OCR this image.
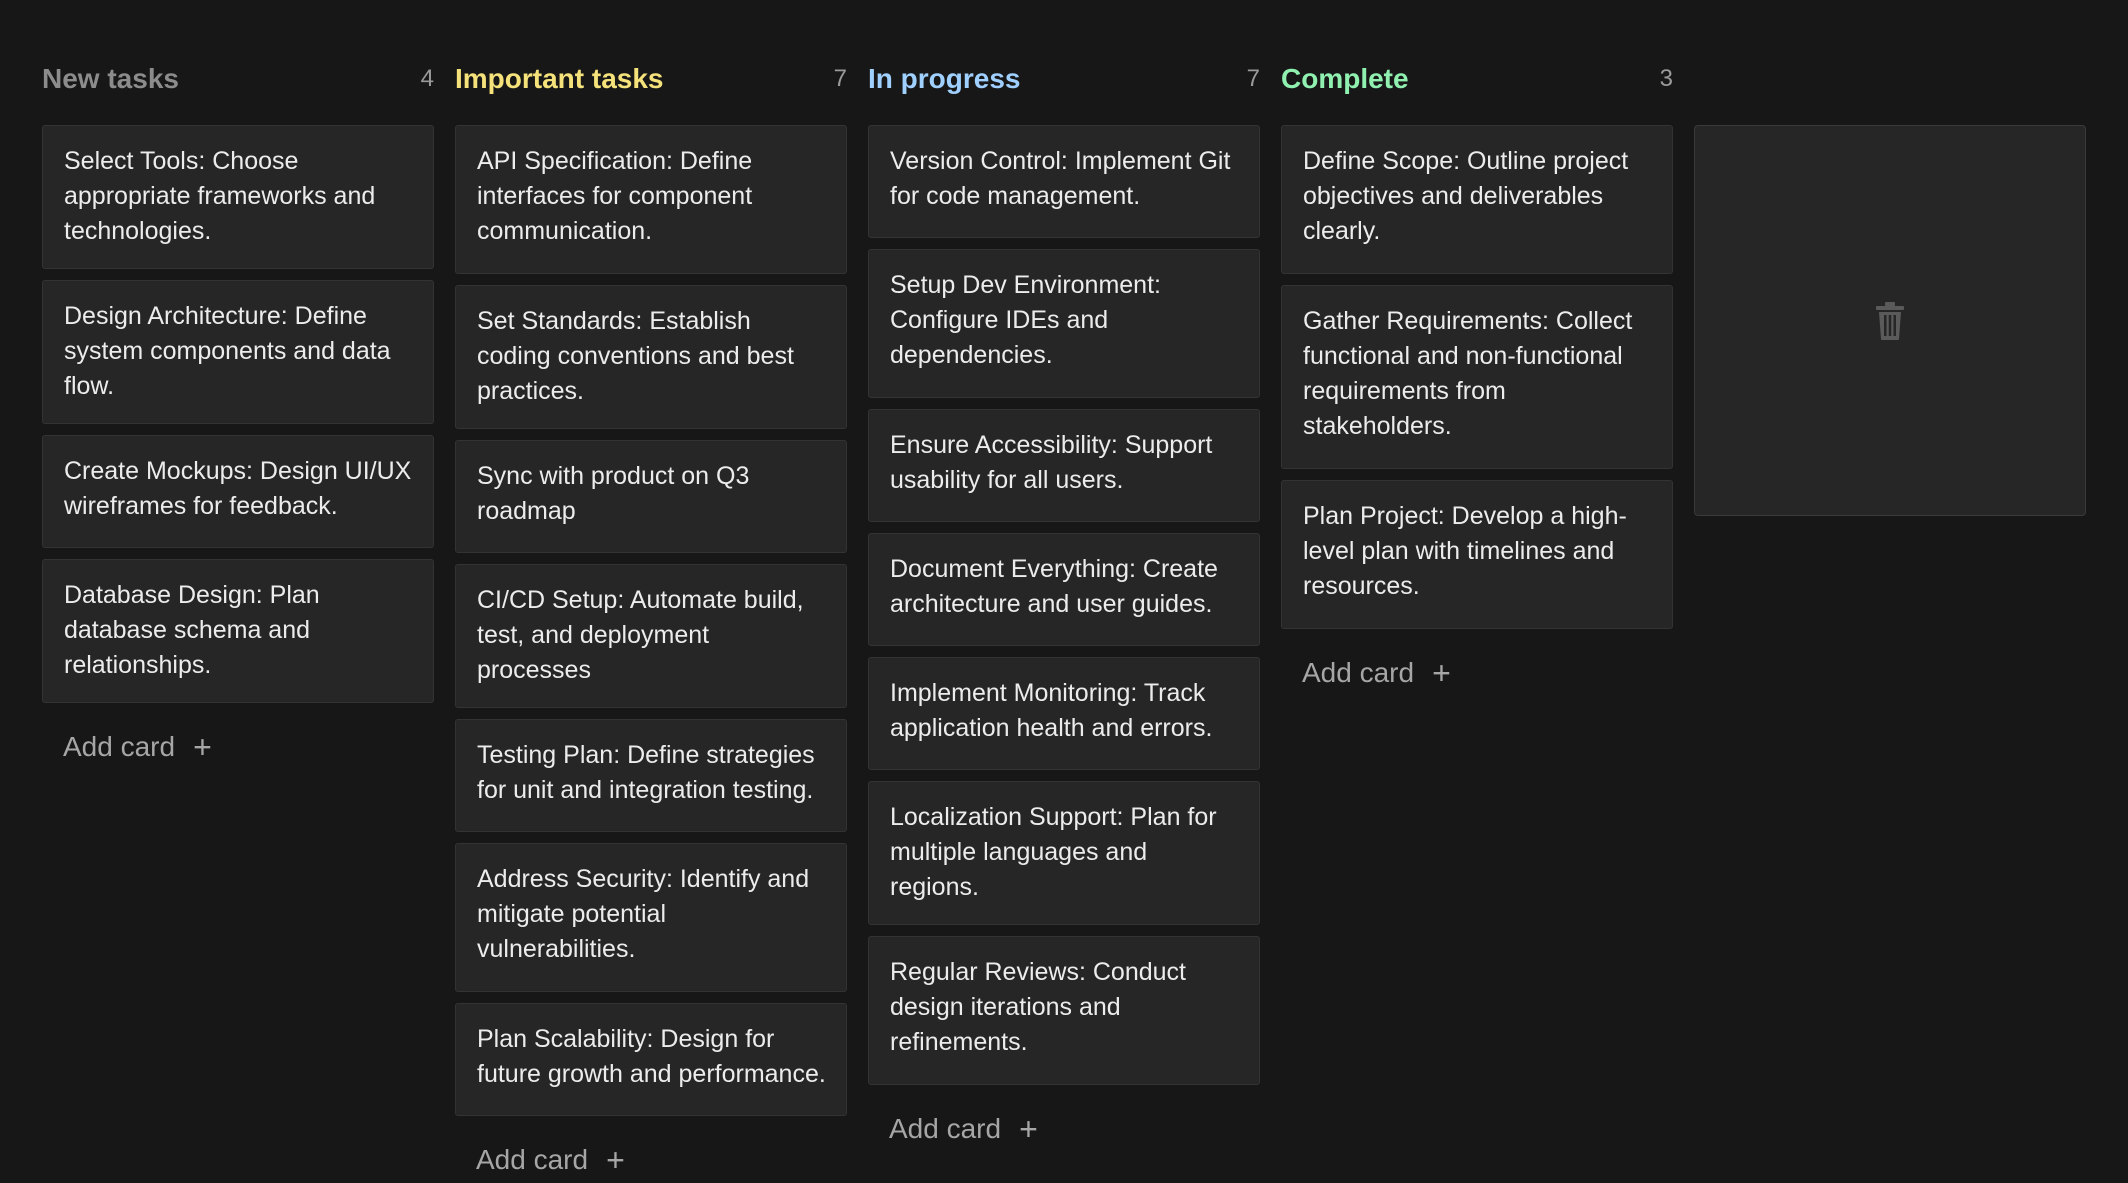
New tasks	4
Select Tools: Choose appropriate frameworks and technologies.
Design Architecture: Define system components and data flow.
Create Mockups: Design UI/UX wireframes for feedback.
Database Design: Plan database schema and relationships.
Add card +
Important tasks	7
API Specification: Define interfaces for component communication.
Set Standards: Establish coding conventions and best practices.
Sync with product on Q3 roadmap
CI/CD Setup: Automate build, test, and deployment processes
Testing Plan: Define strategies for unit and integration testing.
Address Security: Identify and mitigate potential vulnerabilities.
Plan Scalability: Design for future growth and performance.
Add card +
In progress	7
Version Control: Implement Git for code management.
Setup Dev Environment: Configure IDEs and dependencies.
Ensure Accessibility: Support usability for all users.
Document Everything: Create architecture and user guides.
Implement Monitoring: Track application health and errors.
Localization Support: Plan for multiple languages and regions.
Regular Reviews: Conduct design iterations and refinements.
Add card +
Complete	3
Define Scope: Outline project objectives and deliverables clearly.
Gather Requirements: Collect functional and non-functional requirements from stakeholders.
Plan Project: Develop a high-level plan with timelines and resources.
Add card +
